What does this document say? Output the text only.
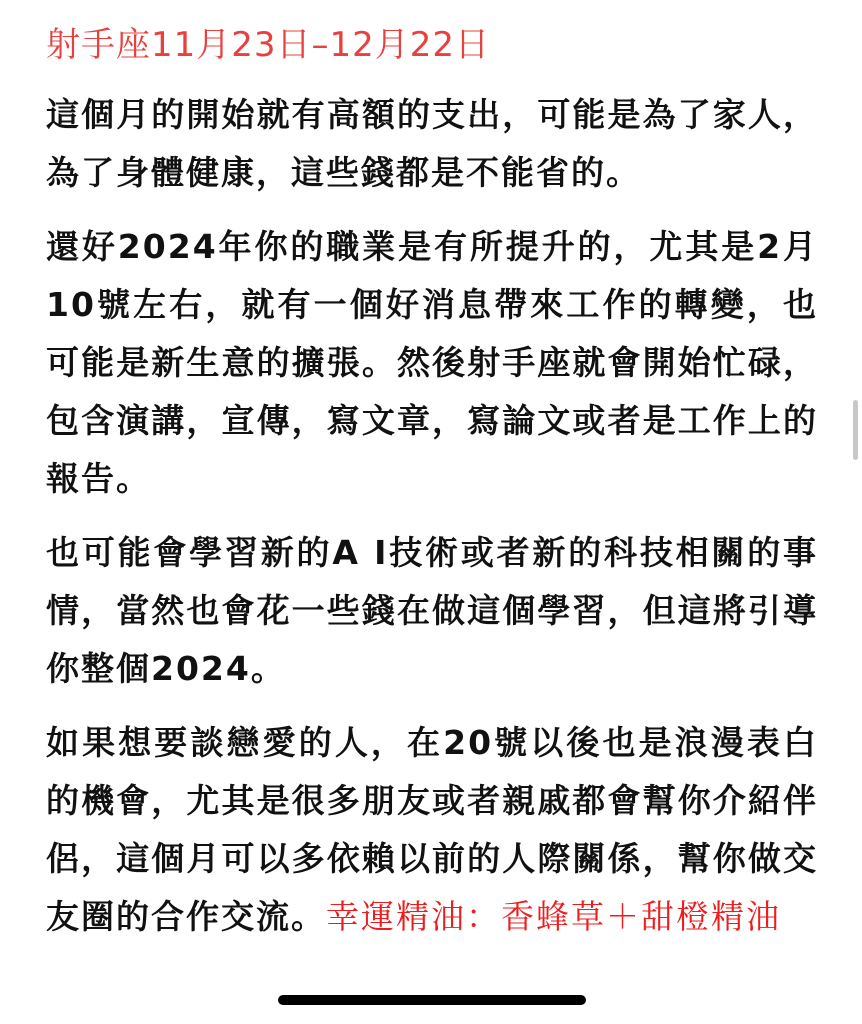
射手座11月23日–12月22日

這個月的開始就有高額的支出，可能是為了家人，為了身體健康，這些錢都是不能省的。

還好2024年你的職業是有所提升的，尤其是2月10號左右，就有一個好消息帶來工作的轉變，也可能是新生意的擴張。然後射手座就會開始忙碌，包含演講，宣傳，寫文章，寫論文或者是工作上的報告。

也可能會學習新的A I技術或者新的科技相關的事情，當然也會花一些錢在做這個學習，但這將引導你整個2024。

如果想要談戀愛的人，在20號以後也是浪漫表白的機會，尤其是很多朋友或者親戚都會幫你介紹伴侶，這個月可以多依賴以前的人際關係，幫你做交友圈的合作交流。幸運精油：香蜂草＋甜橙精油
